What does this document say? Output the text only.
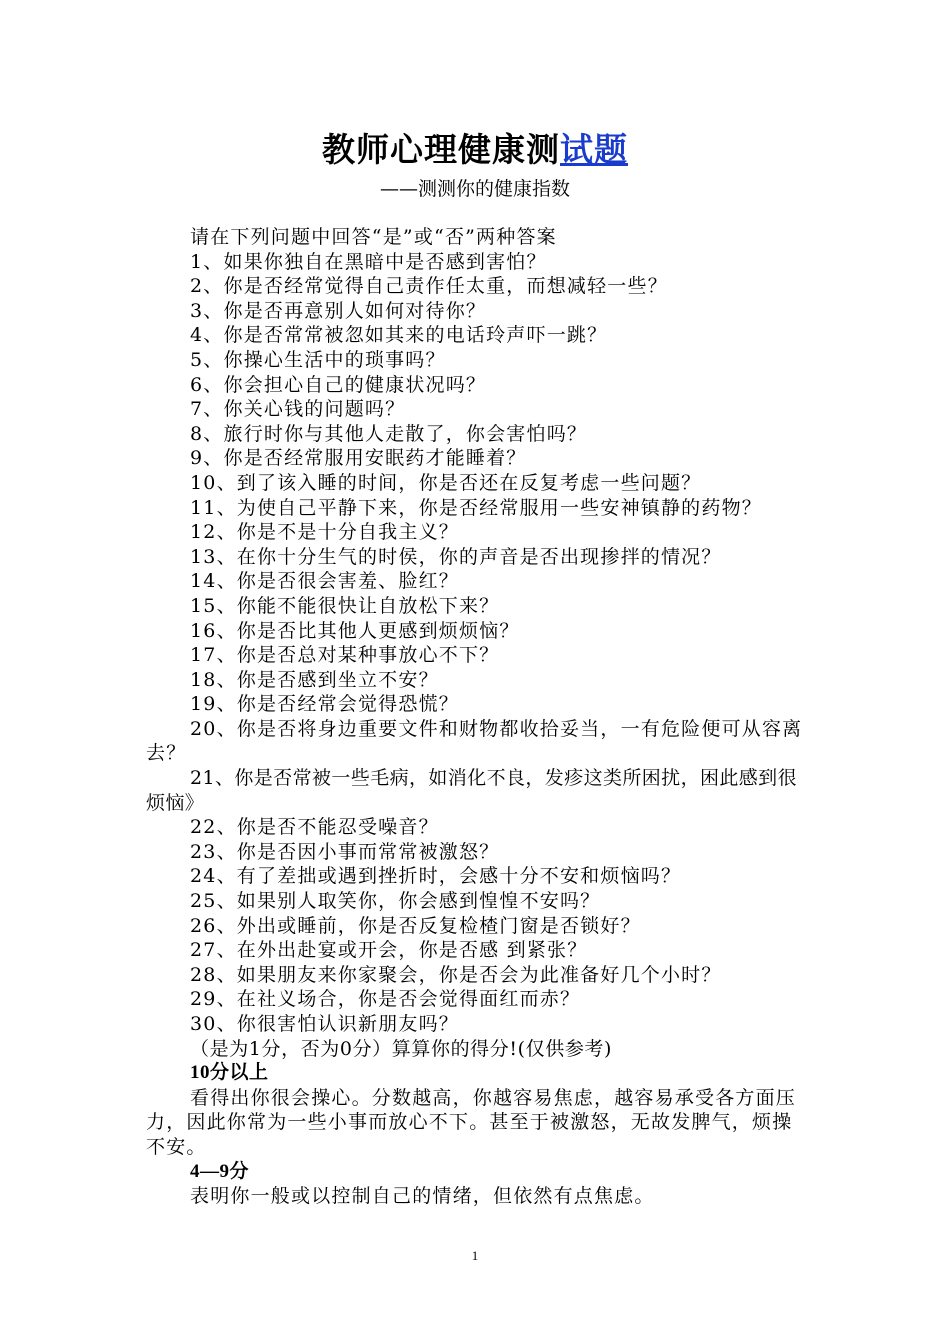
教师心理健康测试题
——测测你的健康指数

请在下列问题中回答“是”或“否”两种答案

1、如果你独自在黑暗中是否感到害怕？

2、你是否经常觉得自己责作任太重，而想减轻一些？

3、你是否再意别人如何对待你？

4、你是否常常被忽如其来的电话玲声吓一跳？

5、你操心生活中的琐事吗？

6、你会担心自己的健康状况吗？

7、你关心钱的问题吗？

8、旅行时你与其他人走散了，你会害怕吗？

9、你是否经常服用安眠药才能睡着？

10、到了该入睡的时间，你是否还在反复考虑一些问题？

11、为使自己平静下来，你是否经常服用一些安神镇静的药物？

12、你是不是十分自我主义？

13、在你十分生气的时侯，你的声音是否出现掺拌的情况？

14、你是否很会害羞、脸红？

15、你能不能很快让自放松下来？

16、你是否比其他人更感到烦烦恼？

17、你是否总对某种事放心不下？

18、你是否感到坐立不安？

19、你是否经常会觉得恐慌？

20、你是否将身边重要文件和财物都收拾妥当，一有危险便可从容离去？

21、你是否常被一些毛病，如消化不良，发疹这类所困扰，困此感到很烦恼》

22、你是否不能忍受噪音？

23、你是否因小事而常常被激怒？

24、有了差拙或遇到挫折时，会感十分不安和烦恼吗？

25、如果别人取笑你，你会感到惶惶不安吗？

26、外出或睡前，你是否反复检楂门窗是否锁好？

27、在外出赴宴或开会，你是否感 到紧张？

28、如果朋友来你家聚会，你是否会为此准备好几个小时？

29、在社义场合，你是否会觉得面红而赤？

30、你很害怕认识新朋友吗？

（是为1分，否为0分）算算你的得分!(仅供参考)

10分以上

看得出你很会操心。分数越高，你越容易焦虑，越容易承受各方面压力，因此你常为一些小事而放心不下。甚至于被激怒，无故发脾气，烦操不安。

4—9分

表明你一般或以控制自己的情绪，但依然有点焦虑。

1
